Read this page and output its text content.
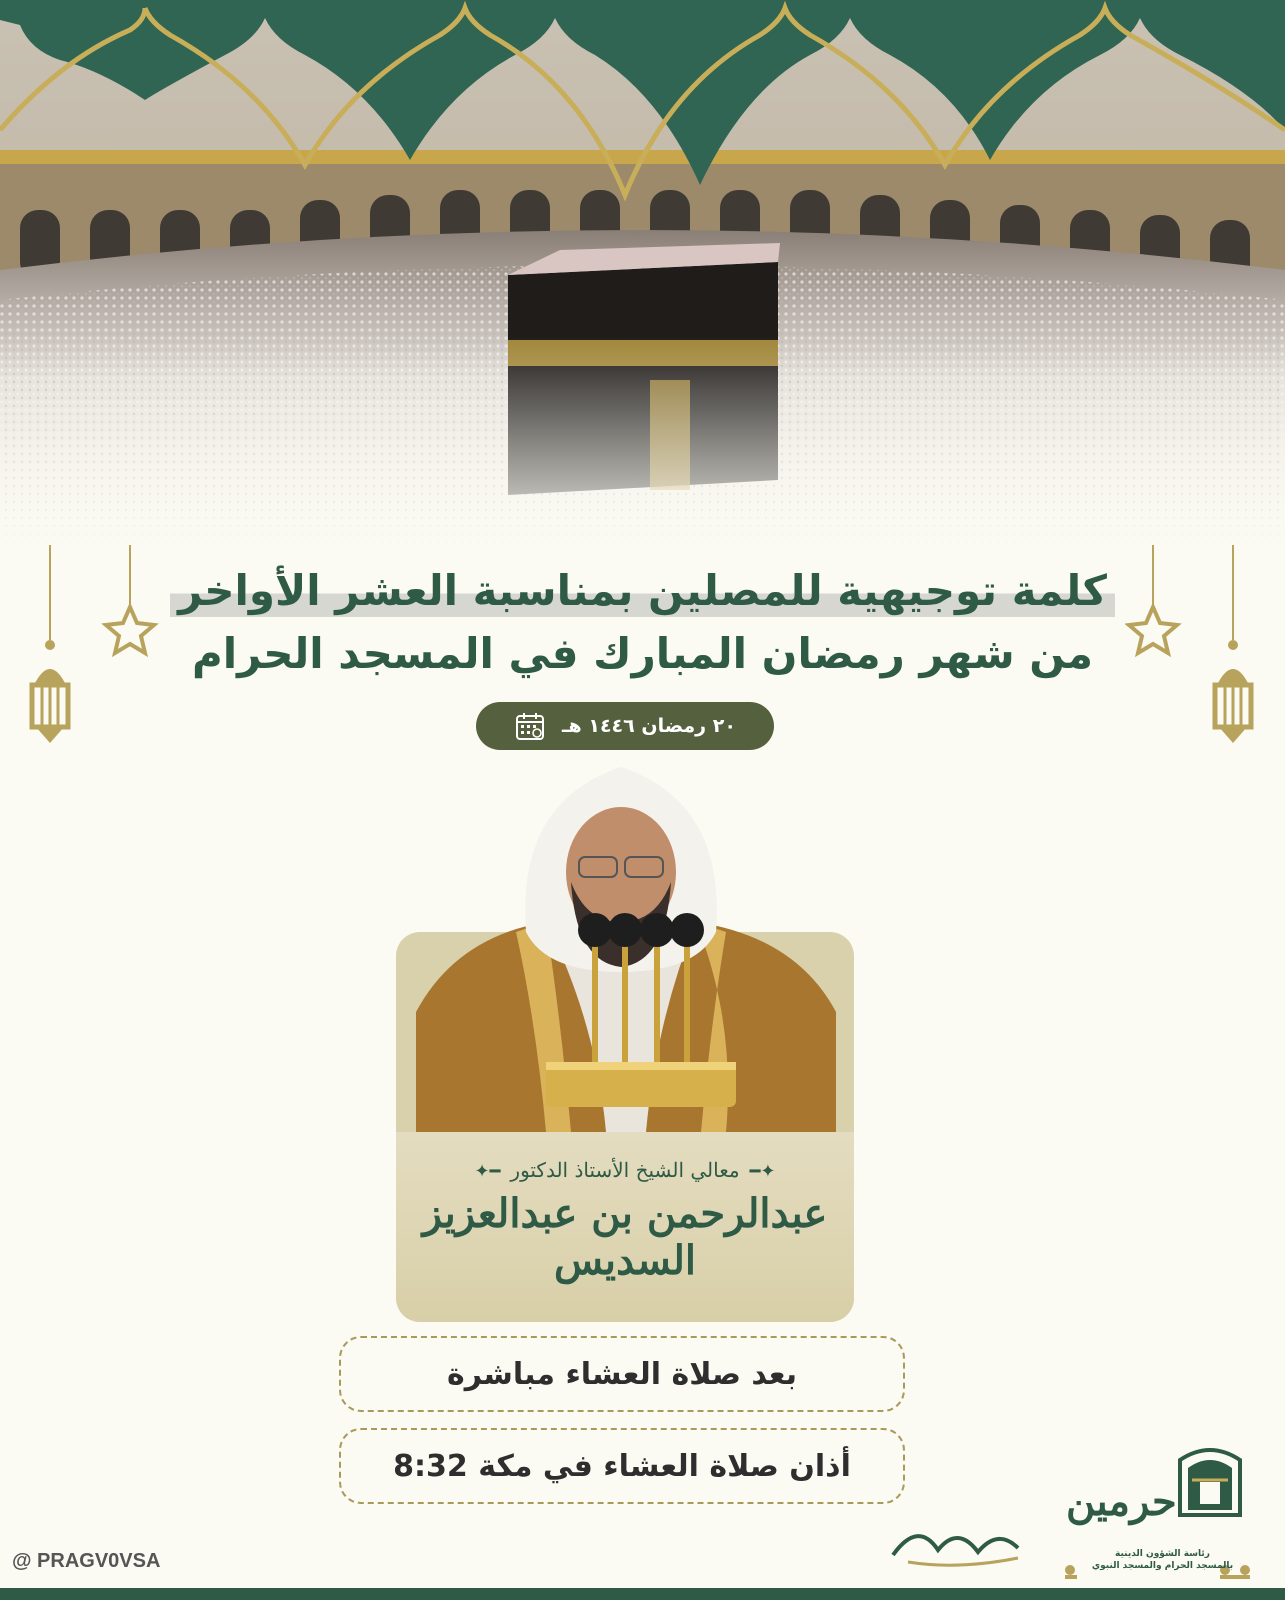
كلمة توجيهية للمصلين بمناسبة العشر الأواخر
من شهر رمضان المبارك في المسجد الحرام
٢٠ رمضان ١٤٤٦ هـ
✦━معالي الشيخ الأستاذ الدكتور━✦
عبدالرحمن بن عبدالعزيز السديس
بعد صلاة العشاء مباشرة
أذان صلاة العشاء في مكة 8:32
@ PRAGV0VSA
حرمين
رئاسة الشؤون الدينية
بالمسجد الحرام والمسجد النبوي
